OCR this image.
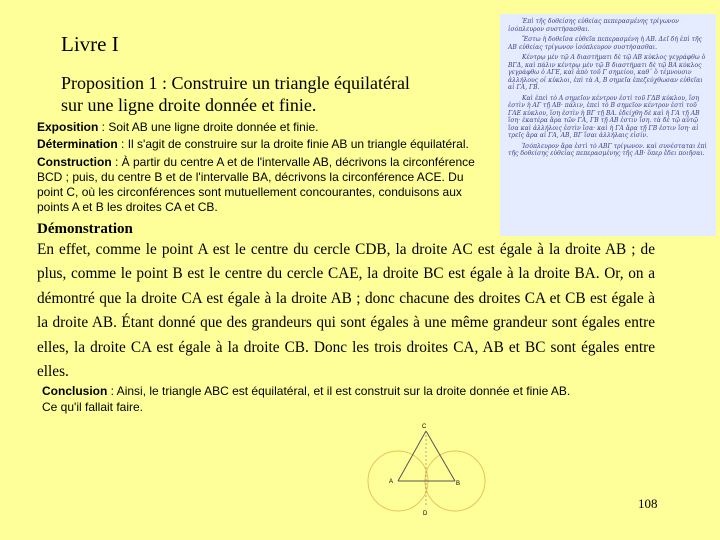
Livre I
Proposition 1 : Construire un triangle équilatéral
sur une ligne droite donnée et finie.
Exposition : Soit AB une ligne droite donnée et finie.
Détermination : Il s'agit de construire sur la droite finie AB un triangle équilatéral.
Construction : À partir du centre A et de l'intervalle AB, décrivons la circonférence BCD ; puis, du centre B et de l'intervalle BA, décrivons la circonférence ACE. Du point C, où les circonférences sont mutuellement concourantes, conduisons aux points A et B les droites CA et CB.

Ἐπὶ τῆς δοθείσης εὐθείας πεπερασμένης τρίγωνον ἰσόπλευρον συστήσασθαι.

Ἔστω ἡ δοθεῖσα εὐθεῖα πεπερασμένη ἡ ΑΒ. Δεῖ δὴ ἐπὶ τῆς ΑΒ εὐθείας τρίγωνον ἰσόπλευρον συστήσασθαι.

Κέντρῳ μὲν τῷ Α διαστήματι δὲ τῷ ΑΒ κύκλος γεγράφθω ὁ ΒΓΔ, καὶ πάλιν κέντρῳ μὲν τῷ Β διαστήματι δὲ τῷ ΒΑ κύκλος γεγράφθω ὁ ΑΓΕ, καὶ ἀπὸ τοῦ Γ σημείου, καθ᾽ ὃ τέμνουσιν ἀλλήλους οἱ κύκλοι, ἐπὶ τὰ Α, Β σημεῖα ἐπεζεύχθωσαν εὐθεῖαι αἱ ΓΑ, ΓΒ.

Καὶ ἐπεὶ τὸ Α σημεῖον κέντρον ἐστὶ τοῦ ΓΔΒ κύκλου, ἴση ἐστὶν ἡ ΑΓ τῇ ΑΒ· πάλιν, ἐπεὶ τὸ Β σημεῖον κέντρον ἐστὶ τοῦ ΓΑΕ κύκλου, ἴση ἐστὶν ἡ ΒΓ τῇ ΒΑ. ἐδείχθη δὲ καὶ ἡ ΓΑ τῇ ΑΒ ἴση· ἑκατέρα ἄρα τῶν ΓΑ, ΓΒ τῇ ΑΒ ἐστιν ἴση. τὰ δὲ τῷ αὐτῷ ἴσα καὶ ἀλλήλοις ἐστὶν ἴσα· καὶ ἡ ΓΑ ἄρα τῇ ΓΒ ἐστιν ἴση· αἱ τρεῖς ἄρα αἱ ΓΑ, ΑΒ, ΒΓ ἴσαι ἀλλήλαις εἰσίν.

Ἰσόπλευρον ἄρα ἐστὶ τὸ ΑΒΓ τρίγωνον. καὶ συνέσταται ἐπὶ τῆς δοθείσης εὐθείας πεπερασμένης τῆς ΑΒ· ὅπερ ἔδει ποιῆσαι.

Démonstration
En effet, comme le point A est le centre du cercle CDB, la droite AC est égale à la droite AB ; de plus, comme le point B est le centre du cercle CAE, la droite BC est égale à la droite BA. Or, on a démontré que la droite CA est égale à la droite AB ; donc chacune des droites CA et CB est égale à la droite AB. Étant donné que des grandeurs qui sont égales à une même grandeur sont égales entre elles, la droite CA est égale à la droite CB. Donc les trois droites CA, AB et BC sont égales entre elles.
Conclusion : Ainsi, le triangle ABC est équilatéral, et il est construit sur la droite donnée et finie AB.
Ce qu'il fallait faire.
C
A	B
D
108
